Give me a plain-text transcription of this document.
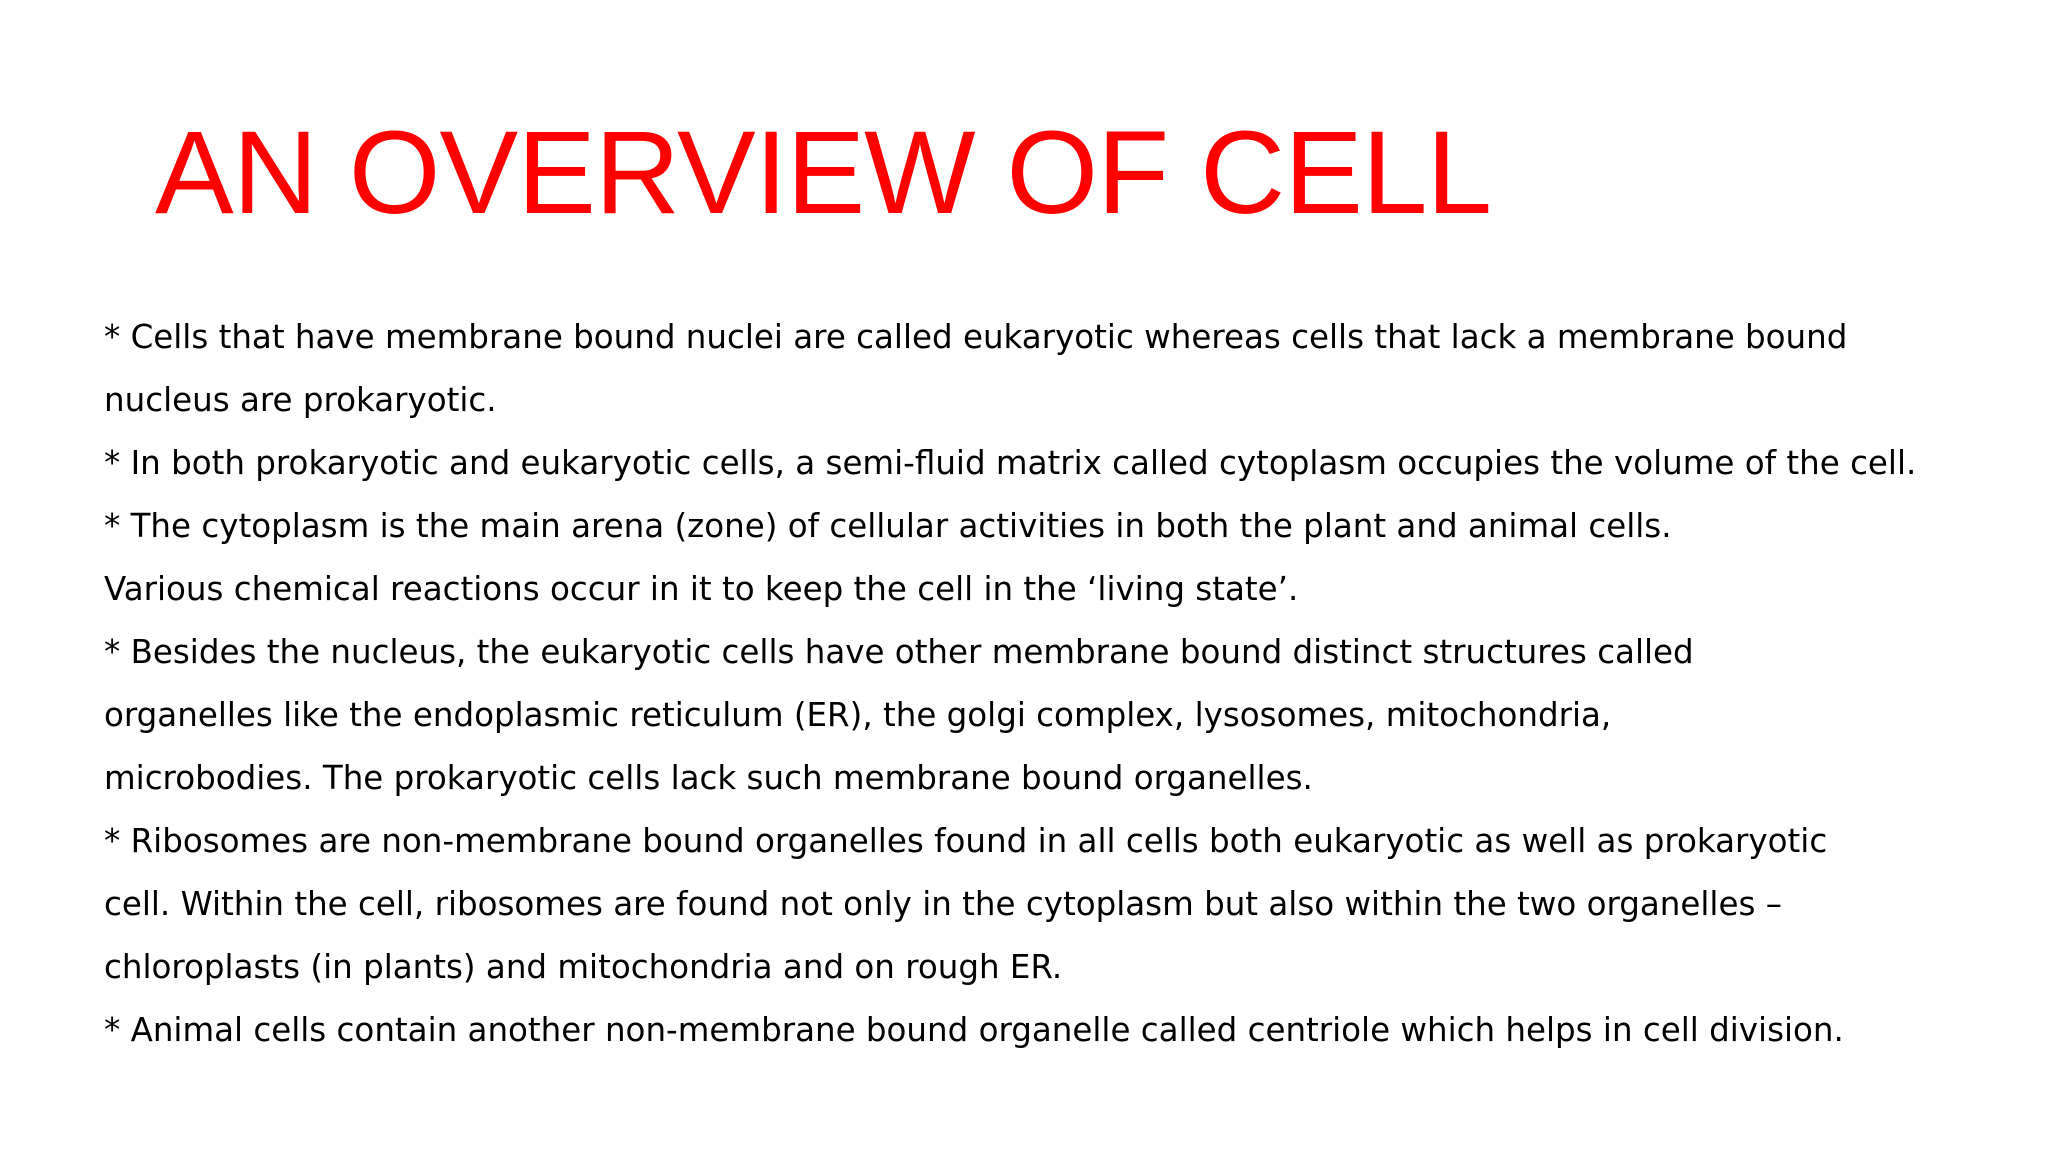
AN OVERVIEW OF CELL
* Cells that have membrane bound nuclei are called eukaryotic whereas cells that lack a membrane bound
nucleus are prokaryotic.
* In both prokaryotic and eukaryotic cells, a semi-fluid matrix called cytoplasm occupies the volume of the cell.
* The cytoplasm is the main arena (zone) of cellular activities in both the plant and animal cells.
Various chemical reactions occur in it to keep the cell in the ‘living state’.
* Besides the nucleus, the eukaryotic cells have other membrane bound distinct structures called
organelles like the endoplasmic reticulum (ER), the golgi complex, lysosomes, mitochondria,
microbodies. The prokaryotic cells lack such membrane bound organelles.
* Ribosomes are non-membrane bound organelles found in all cells both eukaryotic as well as prokaryotic
cell. Within the cell, ribosomes are found not only in the cytoplasm but also within the two organelles –
chloroplasts (in plants) and mitochondria and on rough ER.
* Animal cells contain another non-membrane bound organelle called centriole which helps in cell division.
